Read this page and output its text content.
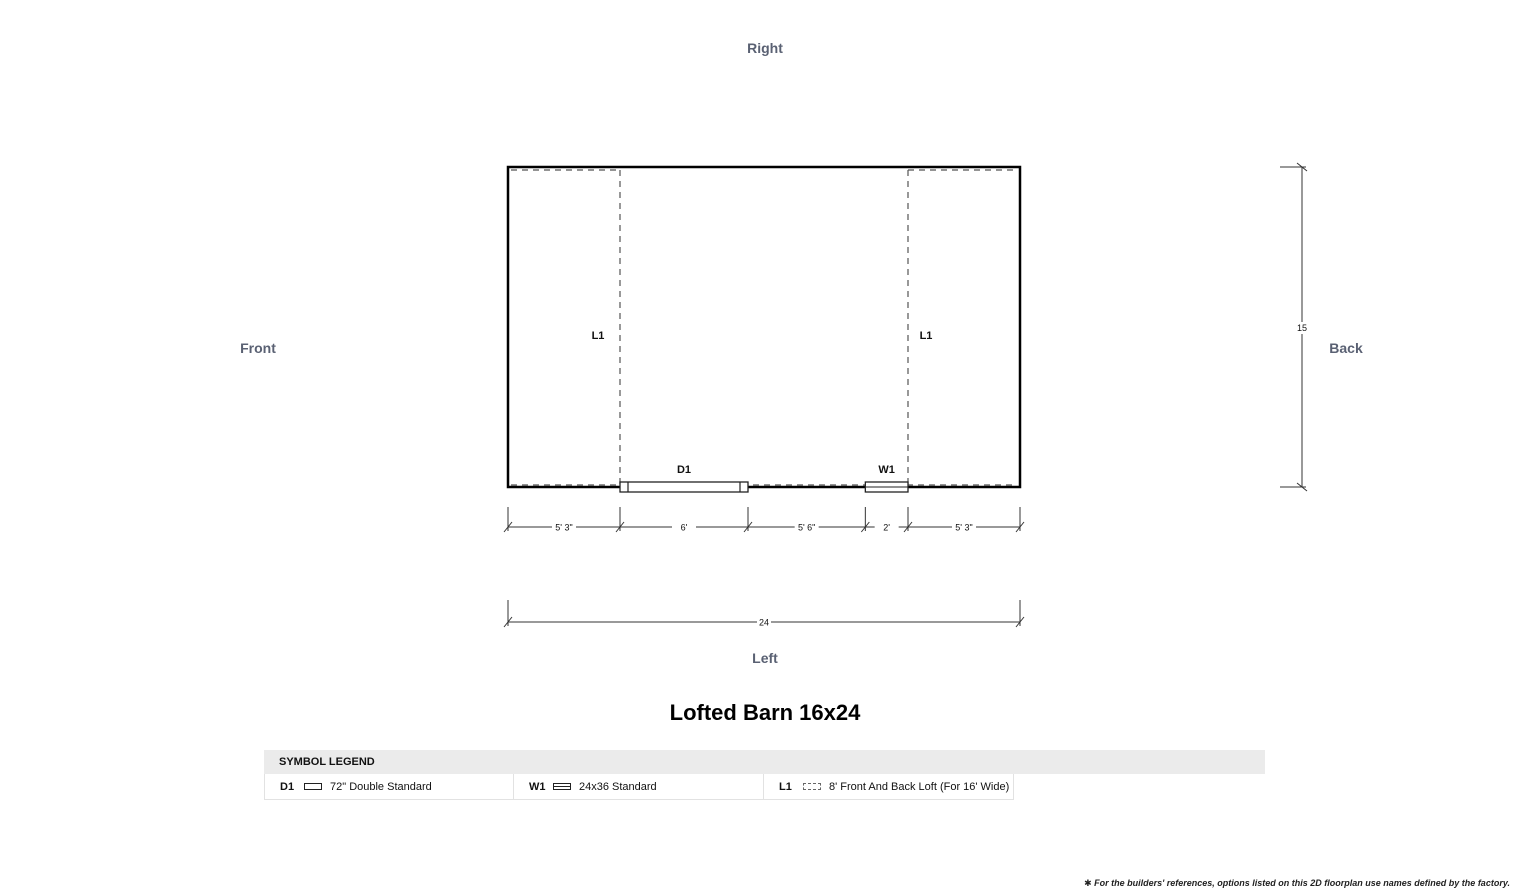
Right
Left
Front	Back
L1	L1
D1	W1
5' 3"	6'	5' 6"	2'	5' 3"
24
15
Lofted Barn 16x24
SYMBOL LEGEND
D1	72" Double Standard	W1	24x36 Standard	L1	8' Front And Back Loft (For 16' Wide)
✱ For the builders' references, options listed on this 2D floorplan use names defined by the factory.
